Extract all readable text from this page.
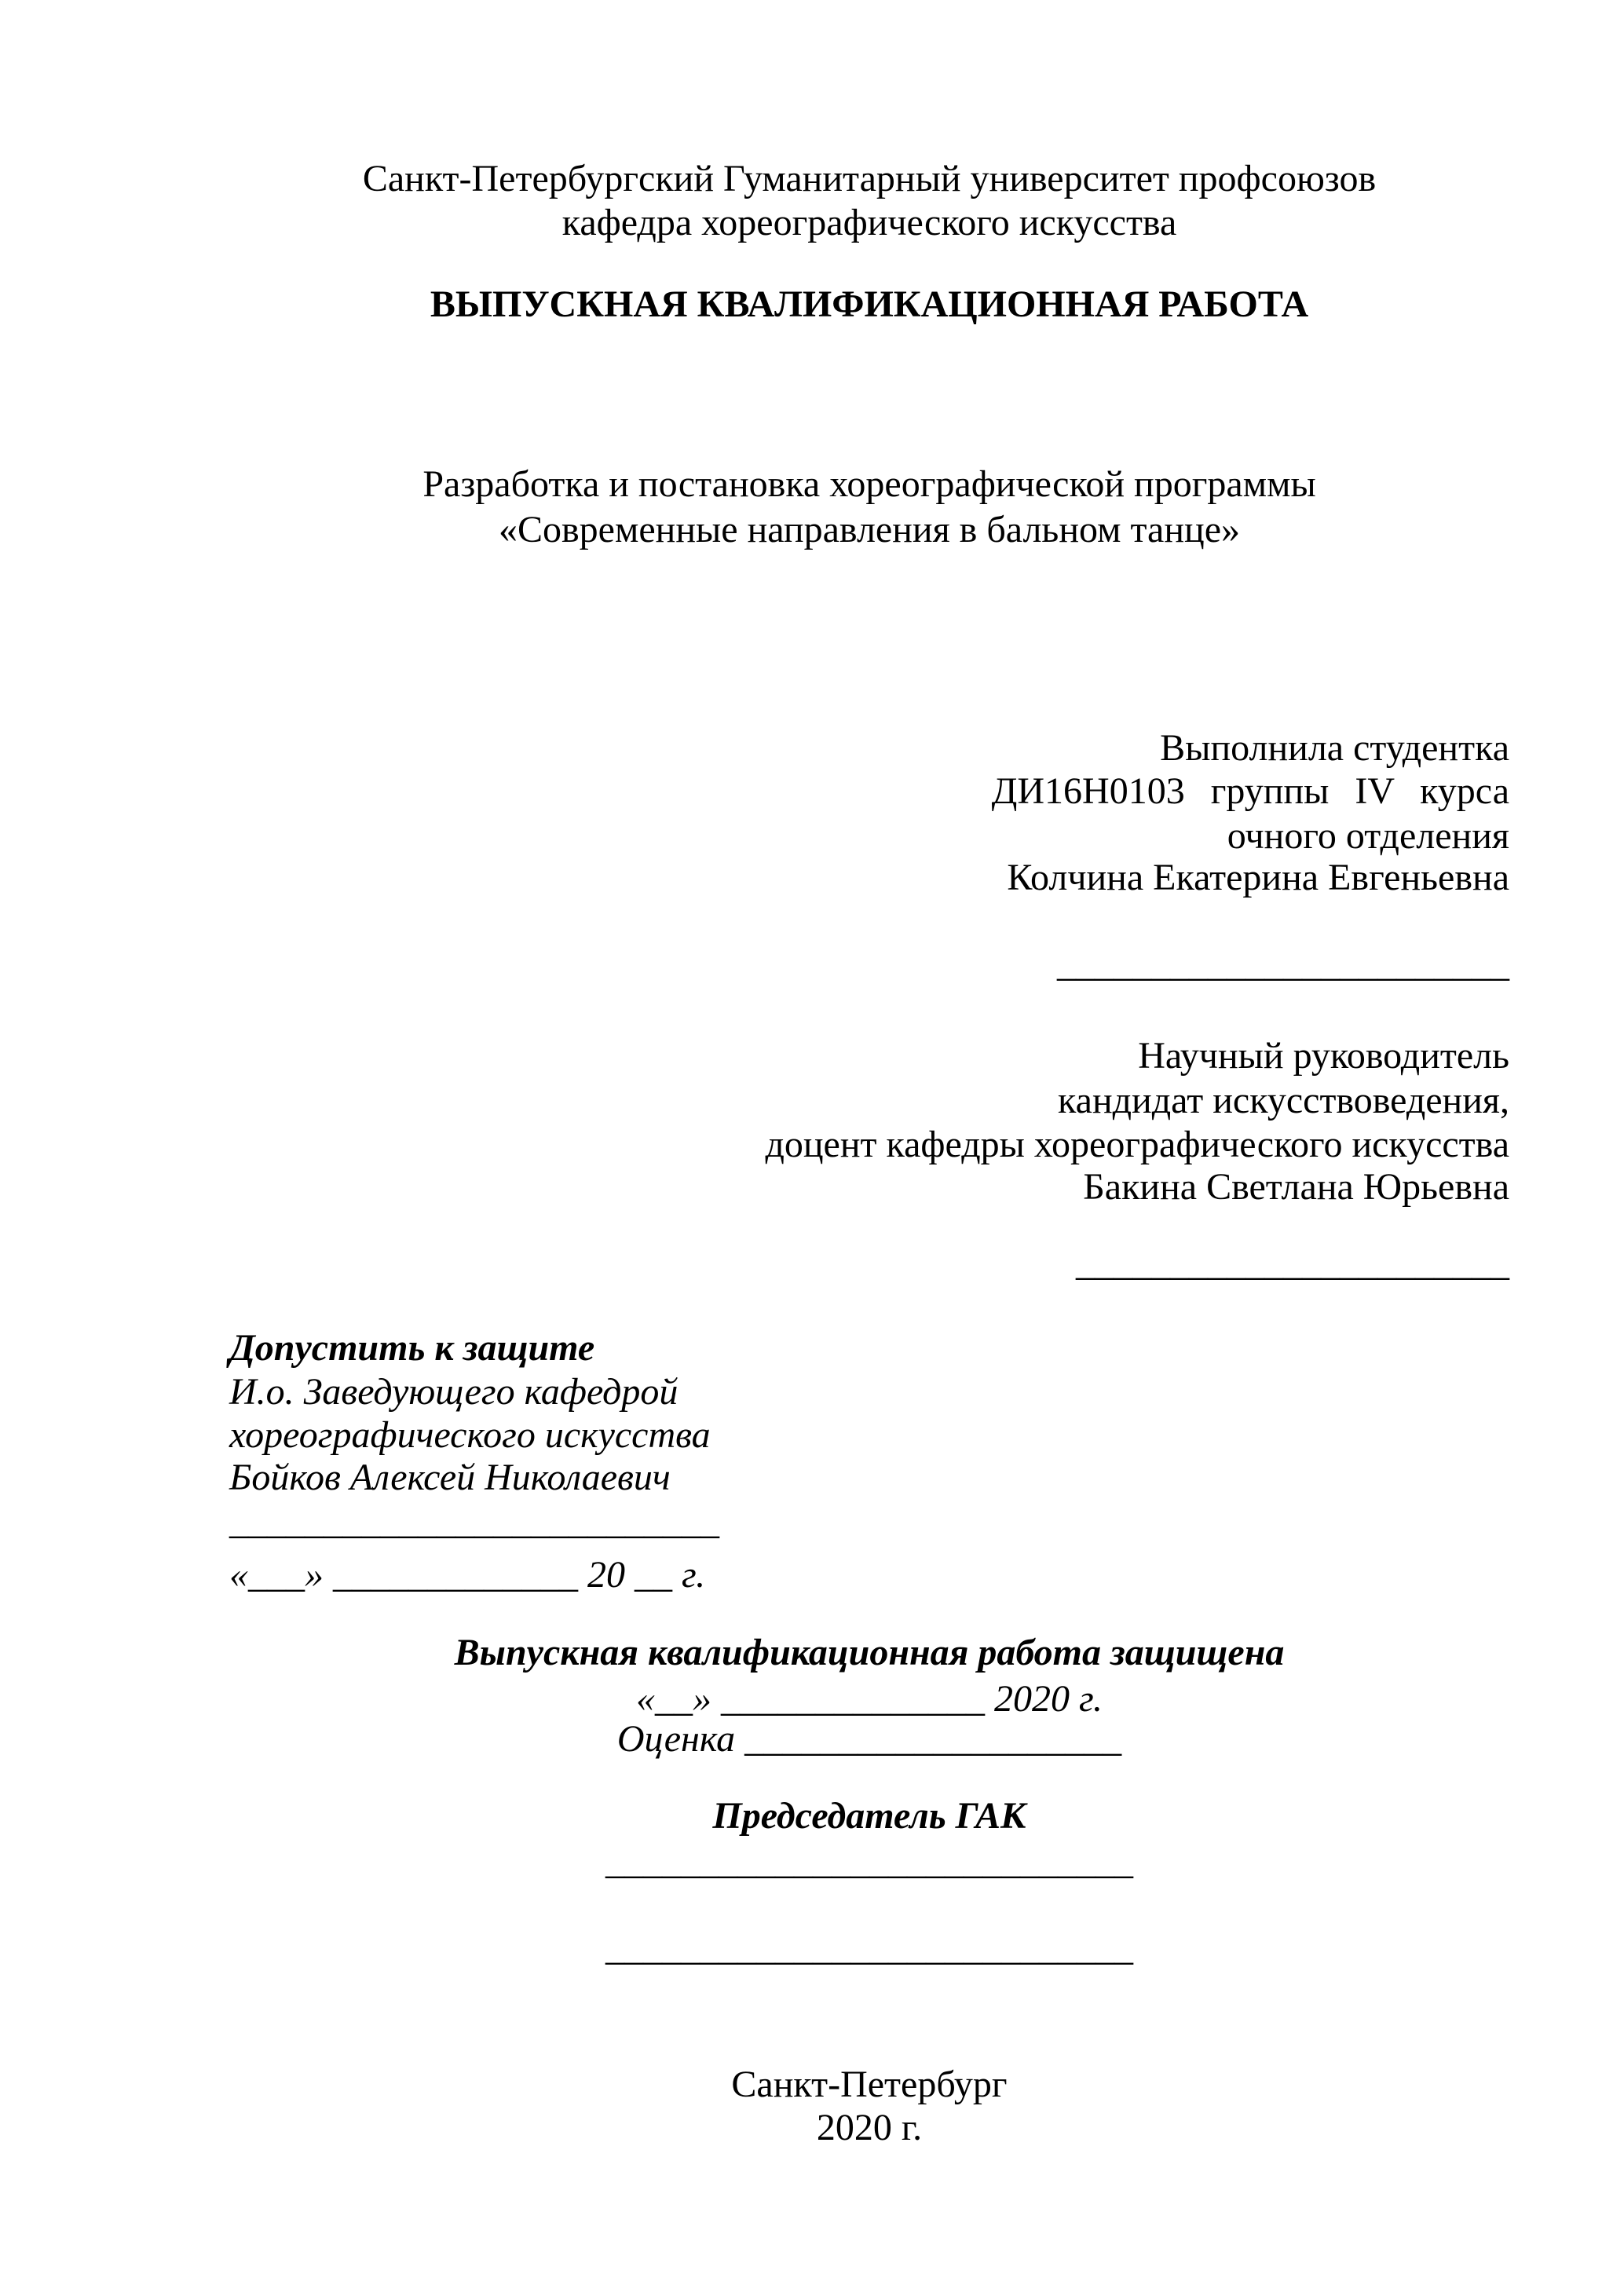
Санкт-Петербургский Гуманитарный университет профсоюзов
кафедра хореографического искусства
ВЫПУСКНАЯ КВАЛИФИКАЦИОННАЯ РАБОТА
Разработка и постановка хореографической программы
«Современные направления в бальном танце»
Выполнила студентка
ДИ16Н0103 группы IV курса
очного отделения
Колчина Екатерина Евгеньевна
________________________
Научный руководитель
кандидат искусствоведения,
доцент кафедры хореографического искусства
Бакина Светлана Юрьевна
_______________________
Допустить к защите
И.о. Заведующего кафедрой
хореографического искусства
Бойков Алексей Николаевич
__________________________
«___» _____________ 20 __ г.
Выпускная квалификационная работа защищена
«__» ______________ 2020 г.
Оценка ____________________
Председатель ГАК
____________________________
____________________________
Санкт-Петербург
2020 г.
